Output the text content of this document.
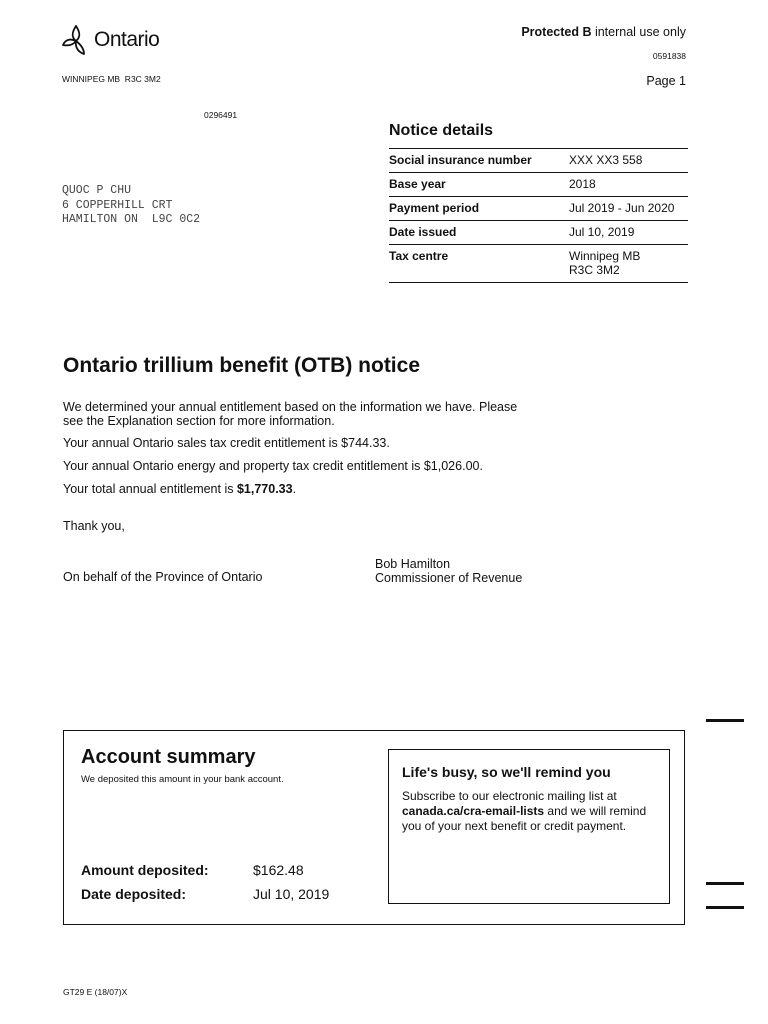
Ontario
WINNIPEG MB  R3C 3M2
Protected B internal use only
0591838
Page 1
0296491
QUOC P CHU
6 COPPERHILL CRT
HAMILTON ON  L9C 0C2
Notice details
Social insurance number	XXX XX3 558
Base year	2018
Payment period	Jul 2019 - Jun 2020
Date issued	Jul 10, 2019
Tax centre	Winnipeg MB
R3C 3M2
Ontario trillium benefit (OTB) notice
We determined your annual entitlement based on the information we have. Please see the Explanation section for more information.
Your annual Ontario sales tax credit entitlement is $744.33.
Your annual Ontario energy and property tax credit entitlement is $1,026.00.
Your total annual entitlement is $1,770.33.
Thank you,
On behalf of the Province of Ontario
Bob Hamilton
Commissioner of Revenue
Account summary
We deposited this amount in your bank account.
Amount deposited:	$162.48
Date deposited:	Jul 10, 2019
Life's busy, so we'll remind you
Subscribe to our electronic mailing list at canada.ca/cra-email-lists and we will remind you of your next benefit or credit payment.
GT29 E (18/07)X
